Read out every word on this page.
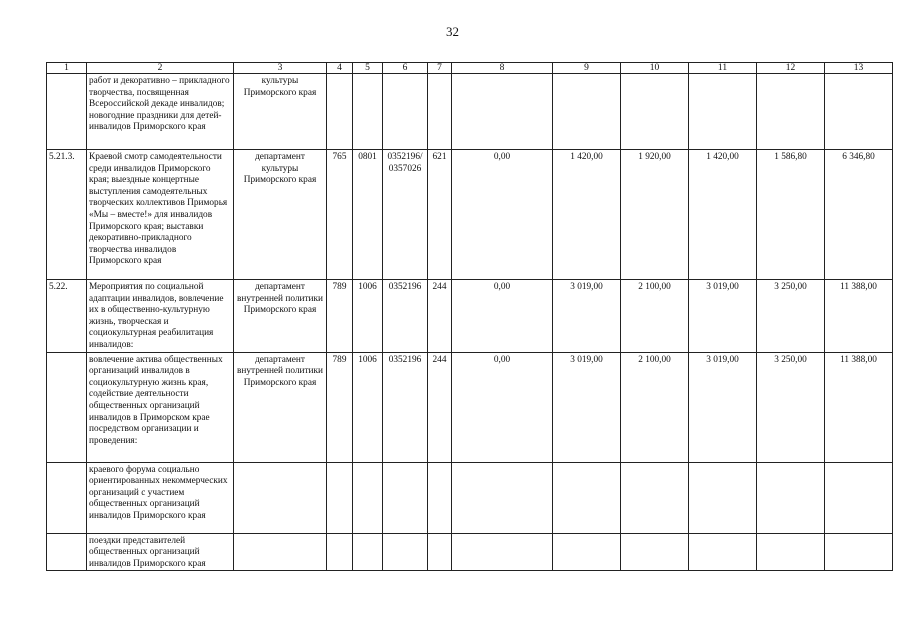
32
1	2	3	4	5	6	7	8	9	10	11	12	13
	работ и декоративно – прикладного творчества, посвященная Всероссийской декаде инвалидов; новогодние праздники для детей-инвалидов Приморского края	культуры Приморского края										
5.21.3.	Краевой смотр самодеятельности среди инвалидов Приморского края; выездные концертные выступления самодеятельных творческих коллективов Приморья «Мы – вместе!» для инвалидов Приморского края; выставки декоративно-прикладного творчества инвалидов Приморского края	департамент культуры Приморского края	765	0801	0352196/ 0357026	621	0,00	1 420,00	1 920,00	1 420,00	1 586,80	6 346,80
5.22.	Мероприятия по социальной адаптации инвалидов, вовлечение их в общественно-культурную жизнь, творческая и социокультурная реабилитация инвалидов:	департамент внутренней политики Приморского края	789	1006	0352196	244	0,00	3 019,00	2 100,00	3 019,00	3 250,00	11 388,00
	вовлечение актива общественных организаций инвалидов в социокультурную жизнь края, содействие деятельности общественных организаций инвалидов в Приморском крае посредством организации и проведения:	департамент внутренней политики Приморского края	789	1006	0352196	244	0,00	3 019,00	2 100,00	3 019,00	3 250,00	11 388,00
	краевого форума социально ориентированных некоммерческих организаций с участием общественных организаций инвалидов Приморского края											
	поездки представителей общественных организаций инвалидов Приморского края											
